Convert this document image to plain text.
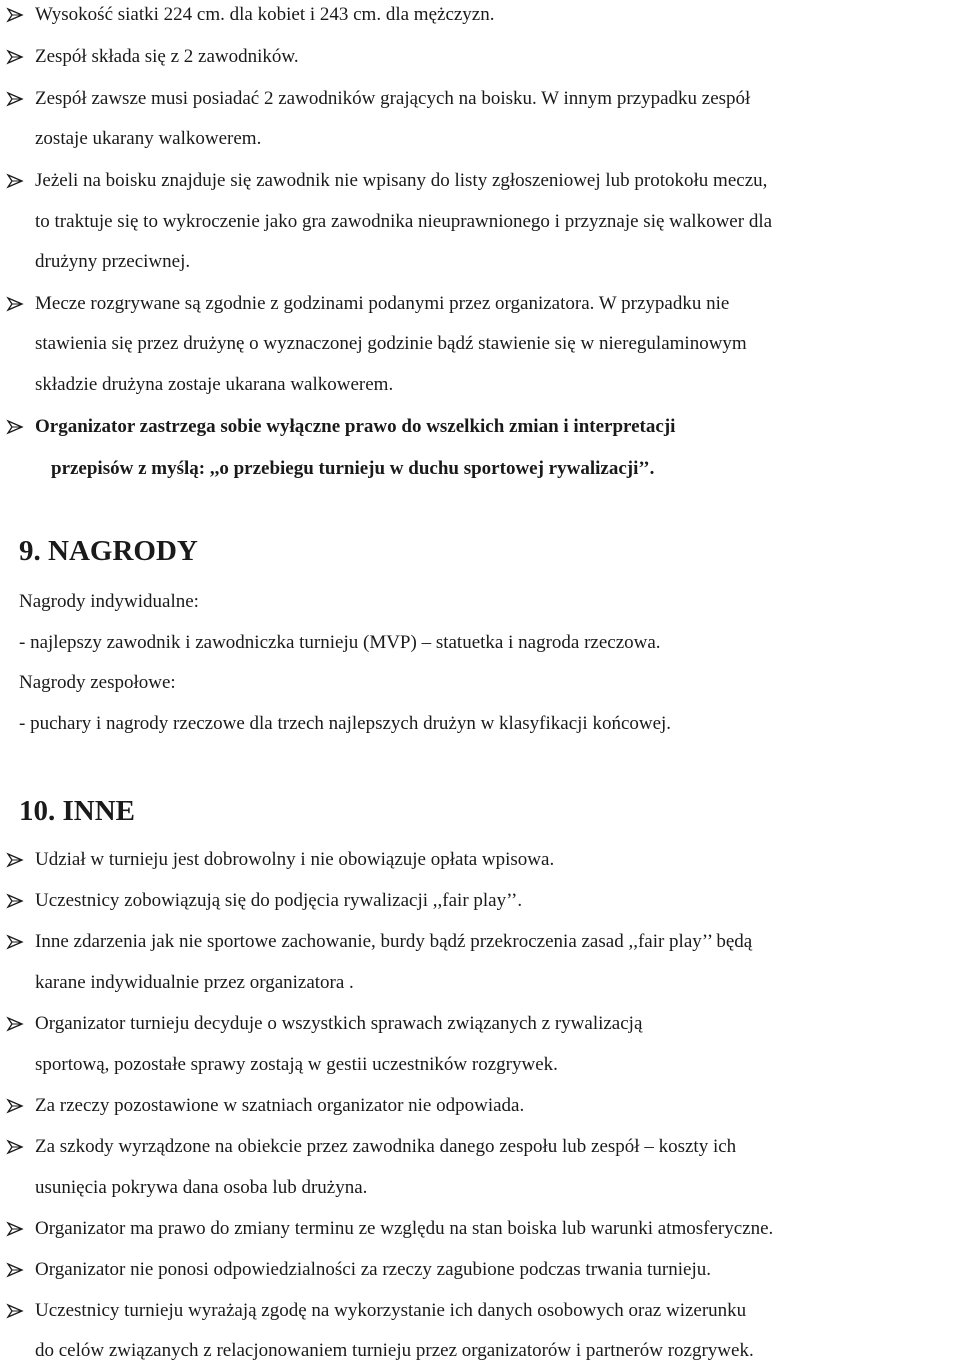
Wysokość siatki 224 cm. dla kobiet i 243 cm. dla mężczyzn.
Zespół składa się z 2 zawodników.
Zespół zawsze musi posiadać 2 zawodników grających na boisku. W innym przypadku zespół
zostaje ukarany walkowerem.
Jeżeli na boisku znajduje się zawodnik nie wpisany do listy zgłoszeniowej lub protokołu meczu,
to traktuje się to wykroczenie jako gra zawodnika nieuprawnionego i przyznaje się walkower dla
drużyny przeciwnej.
Mecze rozgrywane są zgodnie z godzinami podanymi przez organizatora. W przypadku nie
stawienia się przez drużynę o wyznaczonej godzinie bądź stawienie się w nieregulaminowym
składzie drużyna zostaje ukarana walkowerem.
Organizator zastrzega sobie wyłączne prawo do wszelkich zmian i interpretacji
przepisów z myślą: ,,o przebiegu turnieju w duchu sportowej rywalizacji’’.
9. NAGRODY
Nagrody indywidualne:
- najlepszy zawodnik i zawodniczka turnieju (MVP) – statuetka i nagroda rzeczowa.
Nagrody zespołowe:
- puchary i nagrody rzeczowe dla trzech najlepszych drużyn w klasyfikacji końcowej.
10. INNE
Udział w turnieju jest dobrowolny i nie obowiązuje opłata wpisowa.
Uczestnicy zobowiązują się do podjęcia rywalizacji ,,fair play’’.
Inne zdarzenia jak nie sportowe zachowanie, burdy bądź przekroczenia zasad ,,fair play’’ będą
karane indywidualnie przez organizatora .
Organizator turnieju decyduje o wszystkich sprawach związanych z rywalizacją
sportową, pozostałe sprawy zostają w gestii uczestników rozgrywek.
Za rzeczy pozostawione w szatniach organizator nie odpowiada.
Za szkody wyrządzone na obiekcie przez zawodnika danego zespołu lub zespół – koszty ich
usunięcia pokrywa dana osoba lub drużyna.
Organizator ma prawo do zmiany terminu ze względu na stan boiska lub warunki atmosferyczne.
Organizator nie ponosi odpowiedzialności za rzeczy zagubione podczas trwania turnieju.
Uczestnicy turnieju wyrażają zgodę na wykorzystanie ich danych osobowych oraz wizerunku
do celów związanych z relacjonowaniem turnieju przez organizatorów i partnerów rozgrywek.
